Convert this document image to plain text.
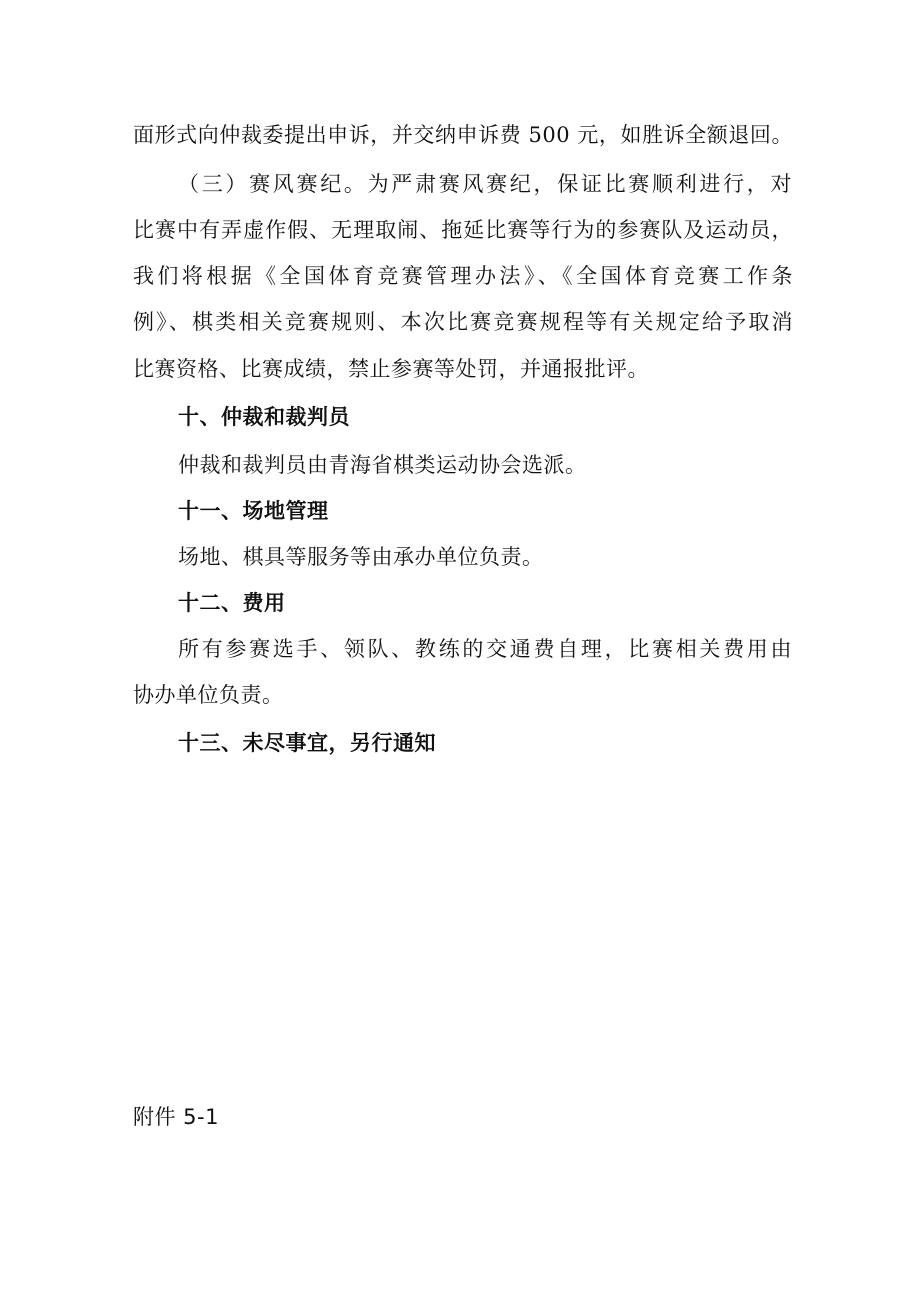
面形式向仲裁委提出申诉，并交纳申诉费 500 元，如胜诉全额退回。
（三）赛风赛纪。为严肃赛风赛纪，保证比赛顺利进行，对
比赛中有弄虚作假、无理取闹、拖延比赛等行为的参赛队及运动员，
我们将根据《全国体育竞赛管理办法》、《全国体育竞赛工作条
例》、棋类相关竞赛规则、本次比赛竞赛规程等有关规定给予取消
比赛资格、比赛成绩，禁止参赛等处罚，并通报批评。
十、仲裁和裁判员
仲裁和裁判员由青海省棋类运动协会选派。
十一、场地管理
场地、棋具等服务等由承办单位负责。
十二、费用
所有参赛选手、领队、教练的交通费自理，比赛相关费用由
协办单位负责。
十三、未尽事宜，另行通知
附件 5-1
